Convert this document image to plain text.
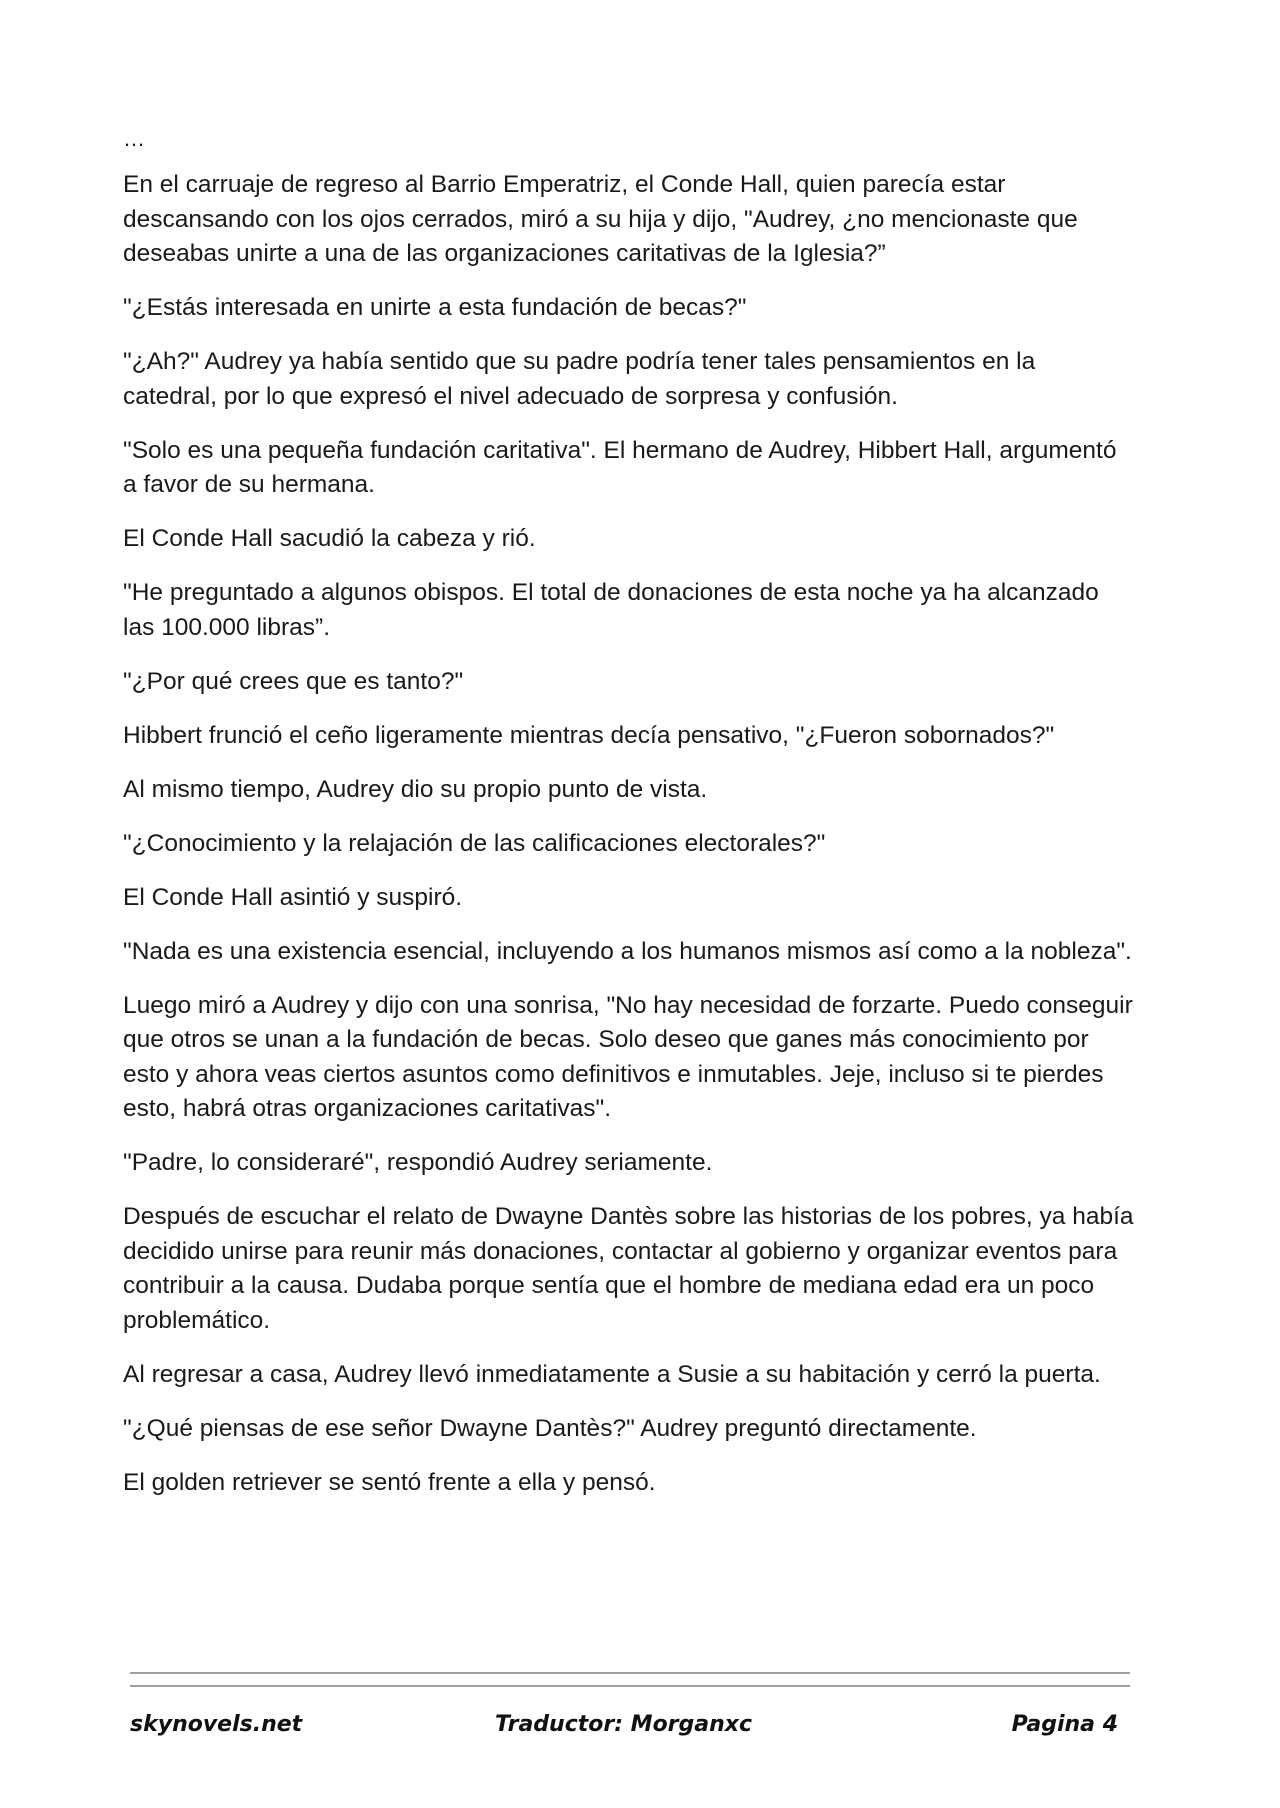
…

En el carruaje de regreso al Barrio Emperatriz, el Conde Hall, quien parecía estar descansando con los ojos cerrados, miró a su hija y dijo, "Audrey, ¿no mencionaste que deseabas unirte a una de las organizaciones caritativas de la Iglesia?”

"¿Estás interesada en unirte a esta fundación de becas?"

"¿Ah?" Audrey ya había sentido que su padre podría tener tales pensamientos en la catedral, por lo que expresó el nivel adecuado de sorpresa y confusión.

"Solo es una pequeña fundación caritativa". El hermano de Audrey, Hibbert Hall, argumentó a favor de su hermana.

El Conde Hall sacudió la cabeza y rió.

"He preguntado a algunos obispos. El total de donaciones de esta noche ya ha alcanzado las 100.000 libras”.

"¿Por qué crees que es tanto?"

Hibbert frunció el ceño ligeramente mientras decía pensativo, "¿Fueron sobornados?"

Al mismo tiempo, Audrey dio su propio punto de vista.

"¿Conocimiento y la relajación de las calificaciones electorales?"

El Conde Hall asintió y suspiró.

"Nada es una existencia esencial, incluyendo a los humanos mismos así como a la nobleza".

Luego miró a Audrey y dijo con una sonrisa, "No hay necesidad de forzarte. Puedo conseguir que otros se unan a la fundación de becas. Solo deseo que ganes más conocimiento por esto y ahora veas ciertos asuntos como definitivos e inmutables. Jeje, incluso si te pierdes esto, habrá otras organizaciones caritativas".

"Padre, lo consideraré", respondió Audrey seriamente.

Después de escuchar el relato de Dwayne Dantès sobre las historias de los pobres, ya había decidido unirse para reunir más donaciones, contactar al gobierno y organizar eventos para contribuir a la causa. Dudaba porque sentía que el hombre de mediana edad era un poco problemático.

Al regresar a casa, Audrey llevó inmediatamente a Susie a su habitación y cerró la puerta.

"¿Qué piensas de ese señor Dwayne Dantès?" Audrey preguntó directamente.

El golden retriever se sentó frente a ella y pensó.

skynovels.net	Traductor: Morganxc	Pagina 4
